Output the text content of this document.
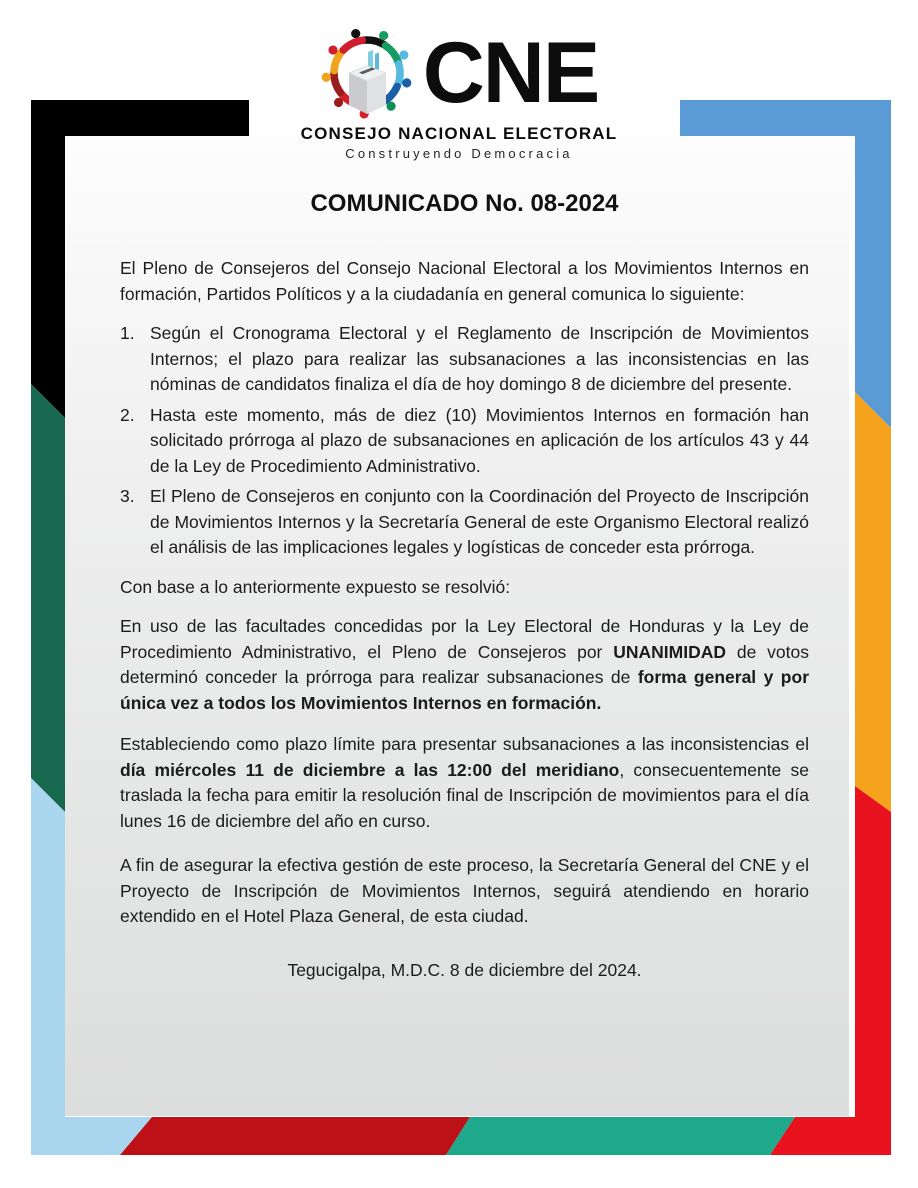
CNE
CONSEJO NACIONAL ELECTORAL
Construyendo Democracia
COMUNICADO No. 08-2024

El Pleno de Consejeros del Consejo Nacional Electoral a los Movimientos Internos en formación, Partidos Políticos y a la ciudadanía en general comunica lo siguiente:

1. Según el Cronograma Electoral y el Reglamento de Inscripción de Movimientos Internos; el plazo para realizar las subsanaciones a las inconsistencias en las nóminas de candidatos finaliza el día de hoy domingo 8 de diciembre del presente.
2. Hasta este momento, más de diez (10) Movimientos Internos en formación han solicitado prórroga al plazo de subsanaciones en aplicación de los artículos 43 y 44 de la Ley de Procedimiento Administrativo.
3. El Pleno de Consejeros en conjunto con la Coordinación del Proyecto de Inscripción de Movimientos Internos y la Secretaría General de este Organismo Electoral realizó el análisis de las implicaciones legales y logísticas de conceder esta prórroga.

Con base a lo anteriormente expuesto se resolvió:

En uso de las facultades concedidas por la Ley Electoral de Honduras y la Ley de Procedimiento Administrativo, el Pleno de Consejeros por UNANIMIDAD de votos determinó conceder la prórroga para realizar subsanaciones de forma general y por única vez a todos los Movimientos Internos en formación.

Estableciendo como plazo límite para presentar subsanaciones a las inconsistencias el día miércoles 11 de diciembre a las 12:00 del meridiano, consecuentemente se traslada la fecha para emitir la resolución final de Inscripción de movimientos para el día lunes 16 de diciembre del año en curso.

A fin de asegurar la efectiva gestión de este proceso, la Secretaría General del CNE y el Proyecto de Inscripción de Movimientos Internos, seguirá atendiendo en horario extendido en el Hotel Plaza General, de esta ciudad.

Tegucigalpa, M.D.C. 8 de diciembre del 2024.
